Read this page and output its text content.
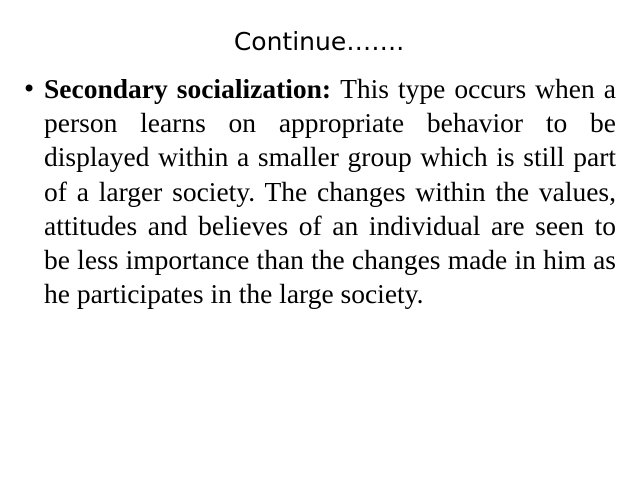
Continue…….
• Secondary socialization: This type occurs when a person learns on appropriate behavior to be displayed within a smaller group which is still part of a larger society. The changes within the values, attitudes and believes of an individual are seen to be less importance than the changes made in him as he participates in the large society.
